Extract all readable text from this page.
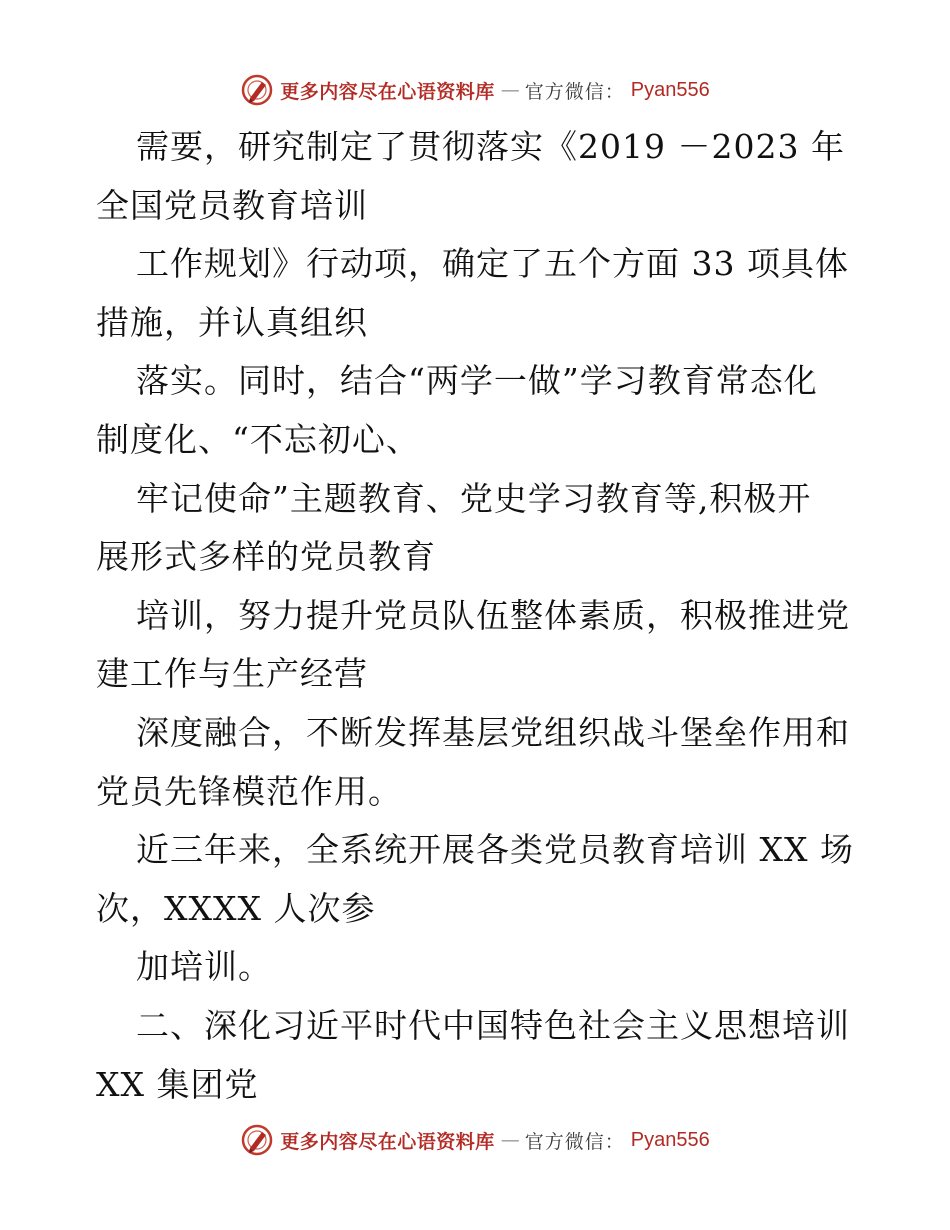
更多内容尽在心语资料库 — 官方微信： Pyan556
需要，研究制定了贯彻落实《2019 －2023 年
全国党员教育培训
工作规划》行动项，确定了五个方面 33 项具体
措施，并认真组织
落实。同时，结合“两学一做”学习教育常态化
制度化、“不忘初心、
牢记使命”主题教育、党史学习教育等,积极开
展形式多样的党员教育
培训，努力提升党员队伍整体素质，积极推进党
建工作与生产经营
深度融合，不断发挥基层党组织战斗堡垒作用和
党员先锋模范作用。
近三年来，全系统开展各类党员教育培训 XX 场
次，XXXX 人次参
加培训。
二、深化习近平时代中国特色社会主义思想培训
XX 集团党
更多内容尽在心语资料库 — 官方微信： Pyan556
